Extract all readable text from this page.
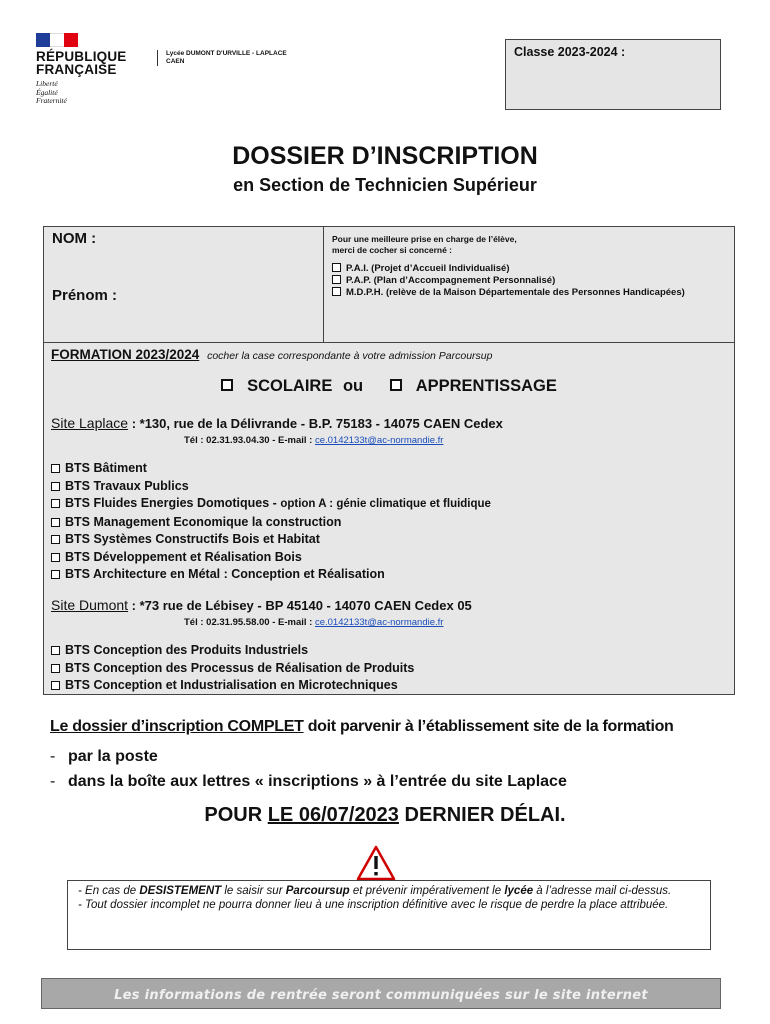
RÉPUBLIQUE
FRANÇAISE
Liberté
Égalité
Fraternité
Lycée DUMONT D'URVILLE - LAPLACE
CAEN
Classe 2023-2024 :
DOSSIER D’INSCRIPTION
en Section de Technicien Supérieur
NOM :
Prénom :
Pour une meilleure prise en charge de l’élève,
merci de cocher si concerné :
P.A.I. (Projet d’Accueil Individualisé)
P.A.P. (Plan d’Accompagnement Personnalisé)
M.D.P.H. (relève de la Maison Départementale des Personnes Handicapées)
FORMATION 2023/2024 cocher la case correspondante à votre admission Parcoursup
SCOLAIRE ou	APPRENTISSAGE
Site Laplace : *130, rue de la Délivrande - B.P. 75183 - 14075 CAEN Cedex
Tél : 02.31.93.04.30 - E-mail : ce.0142133t@ac-normandie.fr
BTS Bâtiment
BTS Travaux Publics
BTS Fluides Energies Domotiques - option A : génie climatique et fluidique
BTS Management Economique la construction
BTS Systèmes Constructifs Bois et Habitat
BTS Développement et Réalisation Bois
BTS Architecture en Métal : Conception et Réalisation
Site Dumont : *73 rue de Lébisey - BP 45140 - 14070 CAEN Cedex 05
Tél : 02.31.95.58.00 - E-mail : ce.0142133t@ac-normandie.fr
BTS Conception des Produits Industriels
BTS Conception des Processus de Réalisation de Produits
BTS Conception et Industrialisation en Microtechniques
Le dossier d’inscription COMPLET doit parvenir à l’établissement site de la formation
- par la poste
- dans la boîte aux lettres « inscriptions » à l’entrée du site Laplace
POUR LE 06/07/2023 DERNIER DÉLAI.
- En cas de DESISTEMENT le saisir sur Parcoursup et prévenir impérativement le lycée à l’adresse mail ci-dessus.
- Tout dossier incomplet ne pourra donner lieu à une inscription définitive avec le risque de perdre la place attribuée.
Les informations de rentrée seront communiquées sur le site internet
